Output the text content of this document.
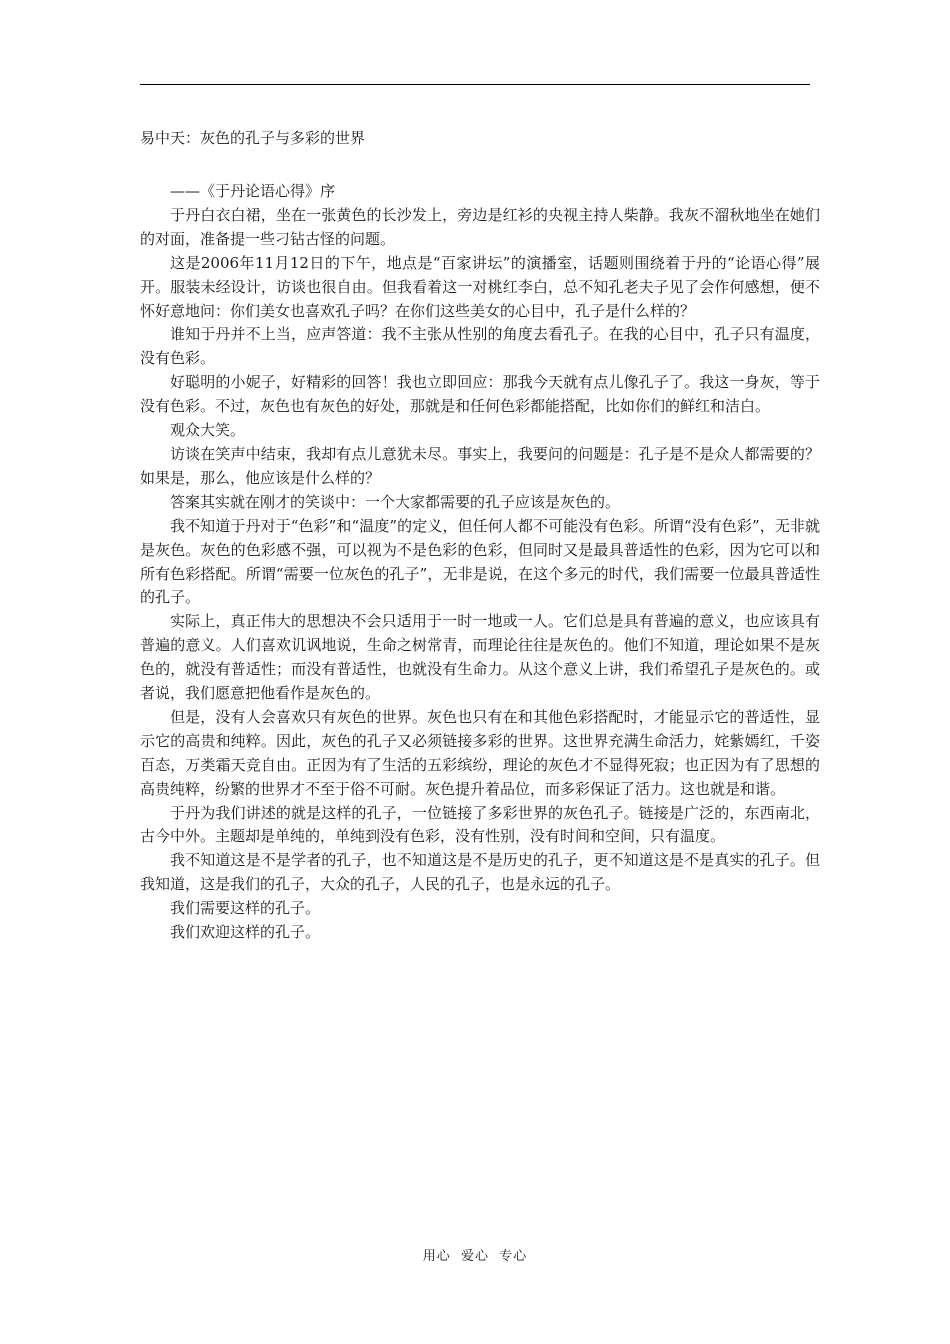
易中天：灰色的孔子与多彩的世界

——《于丹论语心得》序

于丹白衣白裙，坐在一张黄色的长沙发上，旁边是红衫的央视主持人柴静。我灰不溜秋地坐在她们的对面，准备提一些刁钻古怪的问题。

这是2006年11月12日的下午，地点是“百家讲坛”的演播室，话题则围绕着于丹的“论语心得”展开。服装未经设计，访谈也很自由。但我看着这一对桃红李白，总不知孔老夫子见了会作何感想，便不怀好意地问：你们美女也喜欢孔子吗？在你们这些美女的心目中，孔子是什么样的？

谁知于丹并不上当，应声答道：我不主张从性别的角度去看孔子。在我的心目中，孔子只有温度，没有色彩。

好聪明的小妮子，好精彩的回答！我也立即回应：那我今天就有点儿像孔子了。我这一身灰，等于没有色彩。不过，灰色也有灰色的好处，那就是和任何色彩都能搭配，比如你们的鲜红和洁白。

观众大笑。

访谈在笑声中结束，我却有点儿意犹未尽。事实上，我要问的问题是：孔子是不是众人都需要的？如果是，那么，他应该是什么样的？

答案其实就在刚才的笑谈中：一个大家都需要的孔子应该是灰色的。

我不知道于丹对于“色彩”和“温度”的定义，但任何人都不可能没有色彩。所谓“没有色彩”，无非就是灰色。灰色的色彩感不强，可以视为不是色彩的色彩，但同时又是最具普适性的色彩，因为它可以和所有色彩搭配。所谓“需要一位灰色的孔子”，无非是说，在这个多元的时代，我们需要一位最具普适性的孔子。

实际上，真正伟大的思想决不会只适用于一时一地或一人。它们总是具有普遍的意义，也应该具有普遍的意义。人们喜欢讥讽地说，生命之树常青，而理论往往是灰色的。他们不知道，理论如果不是灰色的，就没有普适性；而没有普适性，也就没有生命力。从这个意义上讲，我们希望孔子是灰色的。或者说，我们愿意把他看作是灰色的。

但是，没有人会喜欢只有灰色的世界。灰色也只有在和其他色彩搭配时，才能显示它的普适性，显示它的高贵和纯粹。因此，灰色的孔子又必须链接多彩的世界。这世界充满生命活力，姹紫嫣红，千姿百态，万类霜天竞自由。正因为有了生活的五彩缤纷，理论的灰色才不显得死寂；也正因为有了思想的高贵纯粹，纷繁的世界才不至于俗不可耐。灰色提升着品位，而多彩保证了活力。这也就是和谐。

于丹为我们讲述的就是这样的孔子，一位链接了多彩世界的灰色孔子。链接是广泛的，东西南北，古今中外。主题却是单纯的，单纯到没有色彩，没有性别，没有时间和空间，只有温度。

我不知道这是不是学者的孔子，也不知道这是不是历史的孔子，更不知道这是不是真实的孔子。但我知道，这是我们的孔子，大众的孔子，人民的孔子，也是永远的孔子。

我们需要这样的孔子。

我们欢迎这样的孔子。

用心  爱心  专心
